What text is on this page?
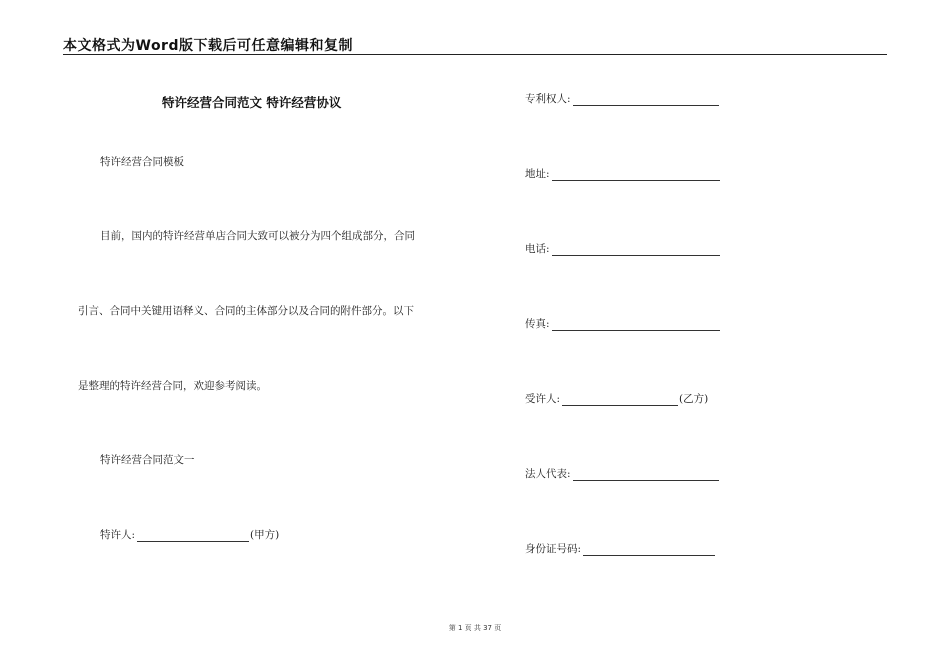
本文格式为Word版下载后可任意编辑和复制
特许经营合同范文 特许经营协议
特许经营合同模板
目前，国内的特许经营单店合同大致可以被分为四个组成部分，合同
引言、合同中关键用语释义、合同的主体部分以及合同的附件部分。以下
是整理的特许经营合同，欢迎参考阅读。
特许经营合同范文一
特许人:	(甲方)
专利权人:
地址:
电话:
传真:
受许人:	(乙方)
法人代表:
身份证号码:
第 1 页 共 37 页
